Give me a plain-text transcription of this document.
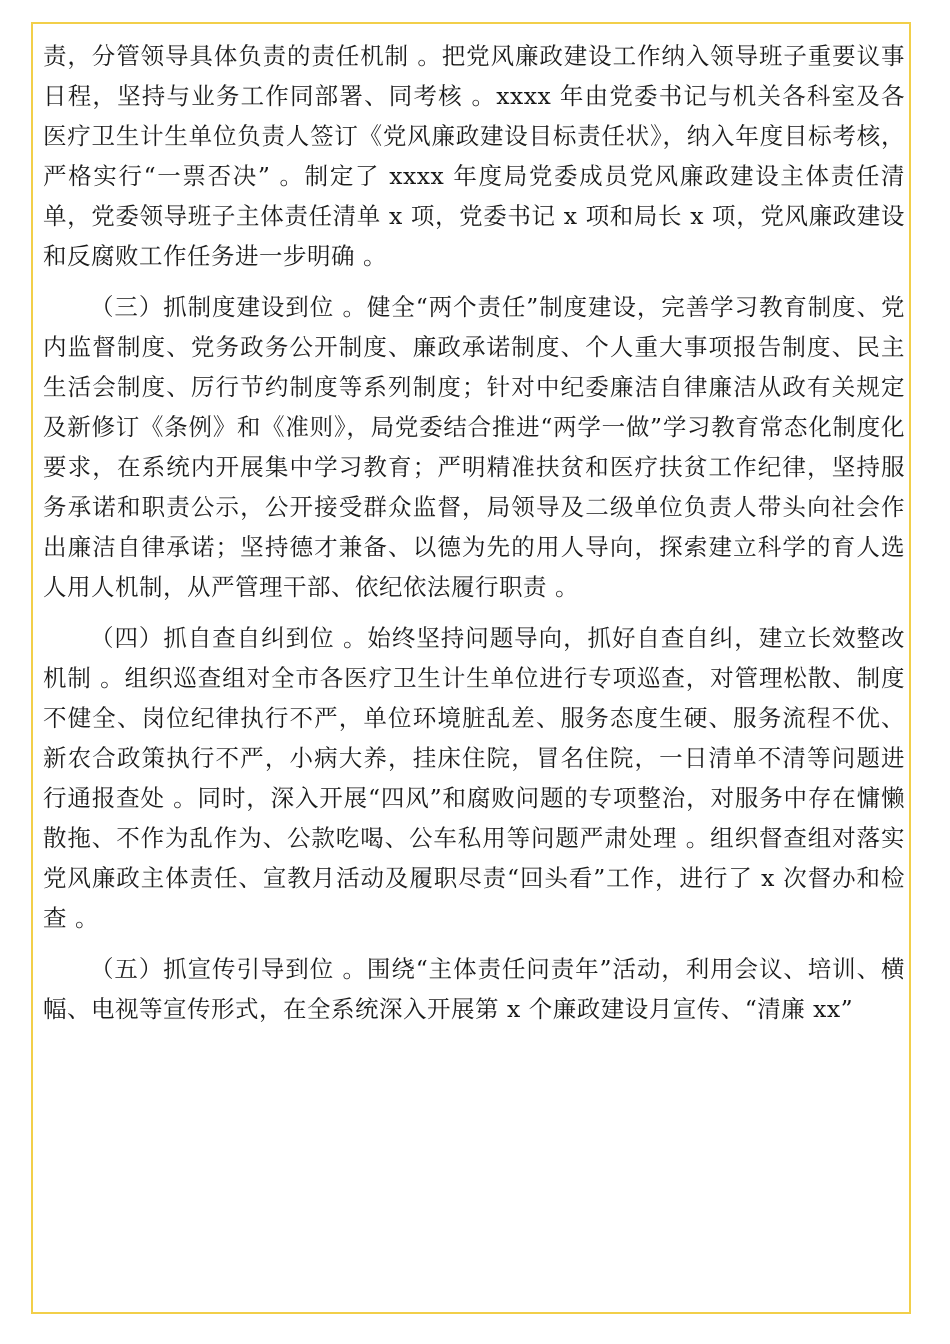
责，分管领导具体负责的责任机制 。把党风廉政建设工作纳入领导班子重要议事日程，坚持与业务工作同部署、同考核 。xxxx 年由党委书记与机关各科室及各医疗卫生计生单位负责人签订《党风廉政建设目标责任状》，纳入年度目标考核，严格实行“一票否决” 。制定了 xxxx 年度局党委成员党风廉政建设主体责任清单，党委领导班子主体责任清单 x 项，党委书记 x 项和局长 x 项，党风廉政建设和反腐败工作任务进一步明确 。

（三）抓制度建设到位 。健全“两个责任”制度建设，完善学习教育制度、党内监督制度、党务政务公开制度、廉政承诺制度、个人重大事项报告制度、民主生活会制度、厉行节约制度等系列制度；针对中纪委廉洁自律廉洁从政有关规定及新修订《条例》和《准则》，局党委结合推进“两学一做”学习教育常态化制度化要求，在系统内开展集中学习教育；严明精准扶贫和医疗扶贫工作纪律，坚持服务承诺和职责公示，公开接受群众监督，局领导及二级单位负责人带头向社会作出廉洁自律承诺；坚持德才兼备、以德为先的用人导向，探索建立科学的育人选人用人机制，从严管理干部、依纪依法履行职责 。

（四）抓自查自纠到位 。始终坚持问题导向，抓好自查自纠，建立长效整改机制 。组织巡查组对全市各医疗卫生计生单位进行专项巡查，对管理松散、制度不健全、岗位纪律执行不严，单位环境脏乱差、服务态度生硬、服务流程不优、新农合政策执行不严，小病大养，挂床住院，冒名住院，一日清单不清等问题进行通报查处 。同时，深入开展“四风”和腐败问题的专项整治，对服务中存在慵懒散拖、不作为乱作为、公款吃喝、公车私用等问题严肃处理 。组织督查组对落实党风廉政主体责任、宣教月活动及履职尽责“回头看”工作，进行了 x 次督办和检查 。

（五）抓宣传引导到位 。围绕“主体责任问责年”活动，利用会议、培训、横幅、电视等宣传形式，在全系统深入开展第 x 个廉政建设月宣传、“清廉 xx”
